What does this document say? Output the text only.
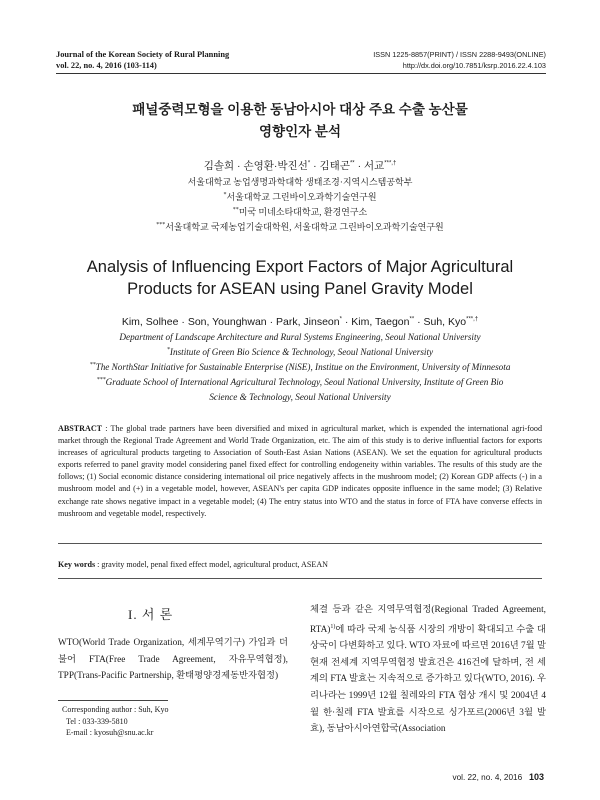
Journal of the Korean Society of Rural Planning
vol. 22, no. 4, 2016 (103-114)
ISSN 1225-8857(PRINT) / ISSN 2288-9493(ONLINE)
http://dx.doi.org/10.7851/ksrp.2016.22.4.103
패널중력모형을 이용한 동남아시아 대상 주요 수출 농산물
영향인자 분석
김솔희 · 손영환·박진선* · 김태곤** · 서교***,†
서울대학교 농업생명과학대학 생태조경·지역시스템공학부
*서울대학교 그린바이오과학기술연구원
**미국 미네소타대학교, 환경연구소
***서울대학교 국제농업기술대학원, 서울대학교 그린바이오과학기술연구원
Analysis of Influencing Export Factors of Major Agricultural
Products for ASEAN using Panel Gravity Model
Kim, Solhee · Son, Younghwan · Park, Jinseon* · Kim, Taegon** · Suh, Kyo***,†
Department of Landscape Architecture and Rural Systems Engineering, Seoul National University
*Institute of Green Bio Science & Technology, Seoul National University
**The NorthStar Initiative for Sustainable Enterprise (NiSE), Institue on the Environment, University of Minnesota
***Graduate School of International Agricultural Technology, Seoul National University, Institute of Green Bio
Science & Technology, Seoul National University
ABSTRACT : The global trade partners have been diversified and mixed in agricultural market, which is expended the international agri-food market through the Regional Trade Agreement and World Trade Organization, etc. The aim of this study is to derive influential factors for exports increases of agricultural products targeting to Association of South-East Asian Nations (ASEAN). We set the equation for agricultural products exports referred to panel gravity model considering panel fixed effect for controlling endogeneity within variables. The results of this study are the follows; (1) Social economic distance considering international oil price negatively affects in the mushroom model; (2) Korean GDP affects (-) in a mushroom model and (+) in a vegetable model, however, ASEAN's per capita GDP indicates opposite influence in the same model; (3) Relative exchange rate shows negative impact in a vegetable model; (4) The entry status into WTO and the status in force of FTA have converse effects in mushroom and vegetable model, respectively.
Key words : gravity model, penal fixed effect model, agricultural product, ASEAN
I. 서 론
WTO(World Trade Organization, 세계무역기구) 가입과 더불어 FTA(Free Trade Agreement, 자유무역협정), TPP(Trans-Pacific Partnership, 환태평양경제동반자협정)
Corresponding author : Suh, Kyo
Tel : 033-339-5810
E-mail : kyosuh@snu.ac.kr
체결 등과 같은 지역무역협정(Regional Traded Agreement, RTA)$^{1)}$에 따라 국제 농식품 시장의 개방이 확대되고 수출 대상국이 다변화하고 있다. WTO 자료에 따르면 2016년 7월 말 현재 전세계 지역무역협정 발효건은 416건에 달하며, 전 세계의 FTA 발효는 지속적으로 증가하고 있다(WTO, 2016). 우리나라는 1999년 12월 칠레와의 FTA 협상 개시 및 2004년 4월 한·칠레 FTA 발효를 시작으로 싱가포르(2006년 3월 발효), 동남아시아연합국(Association
vol. 22, no. 4, 2016 103
